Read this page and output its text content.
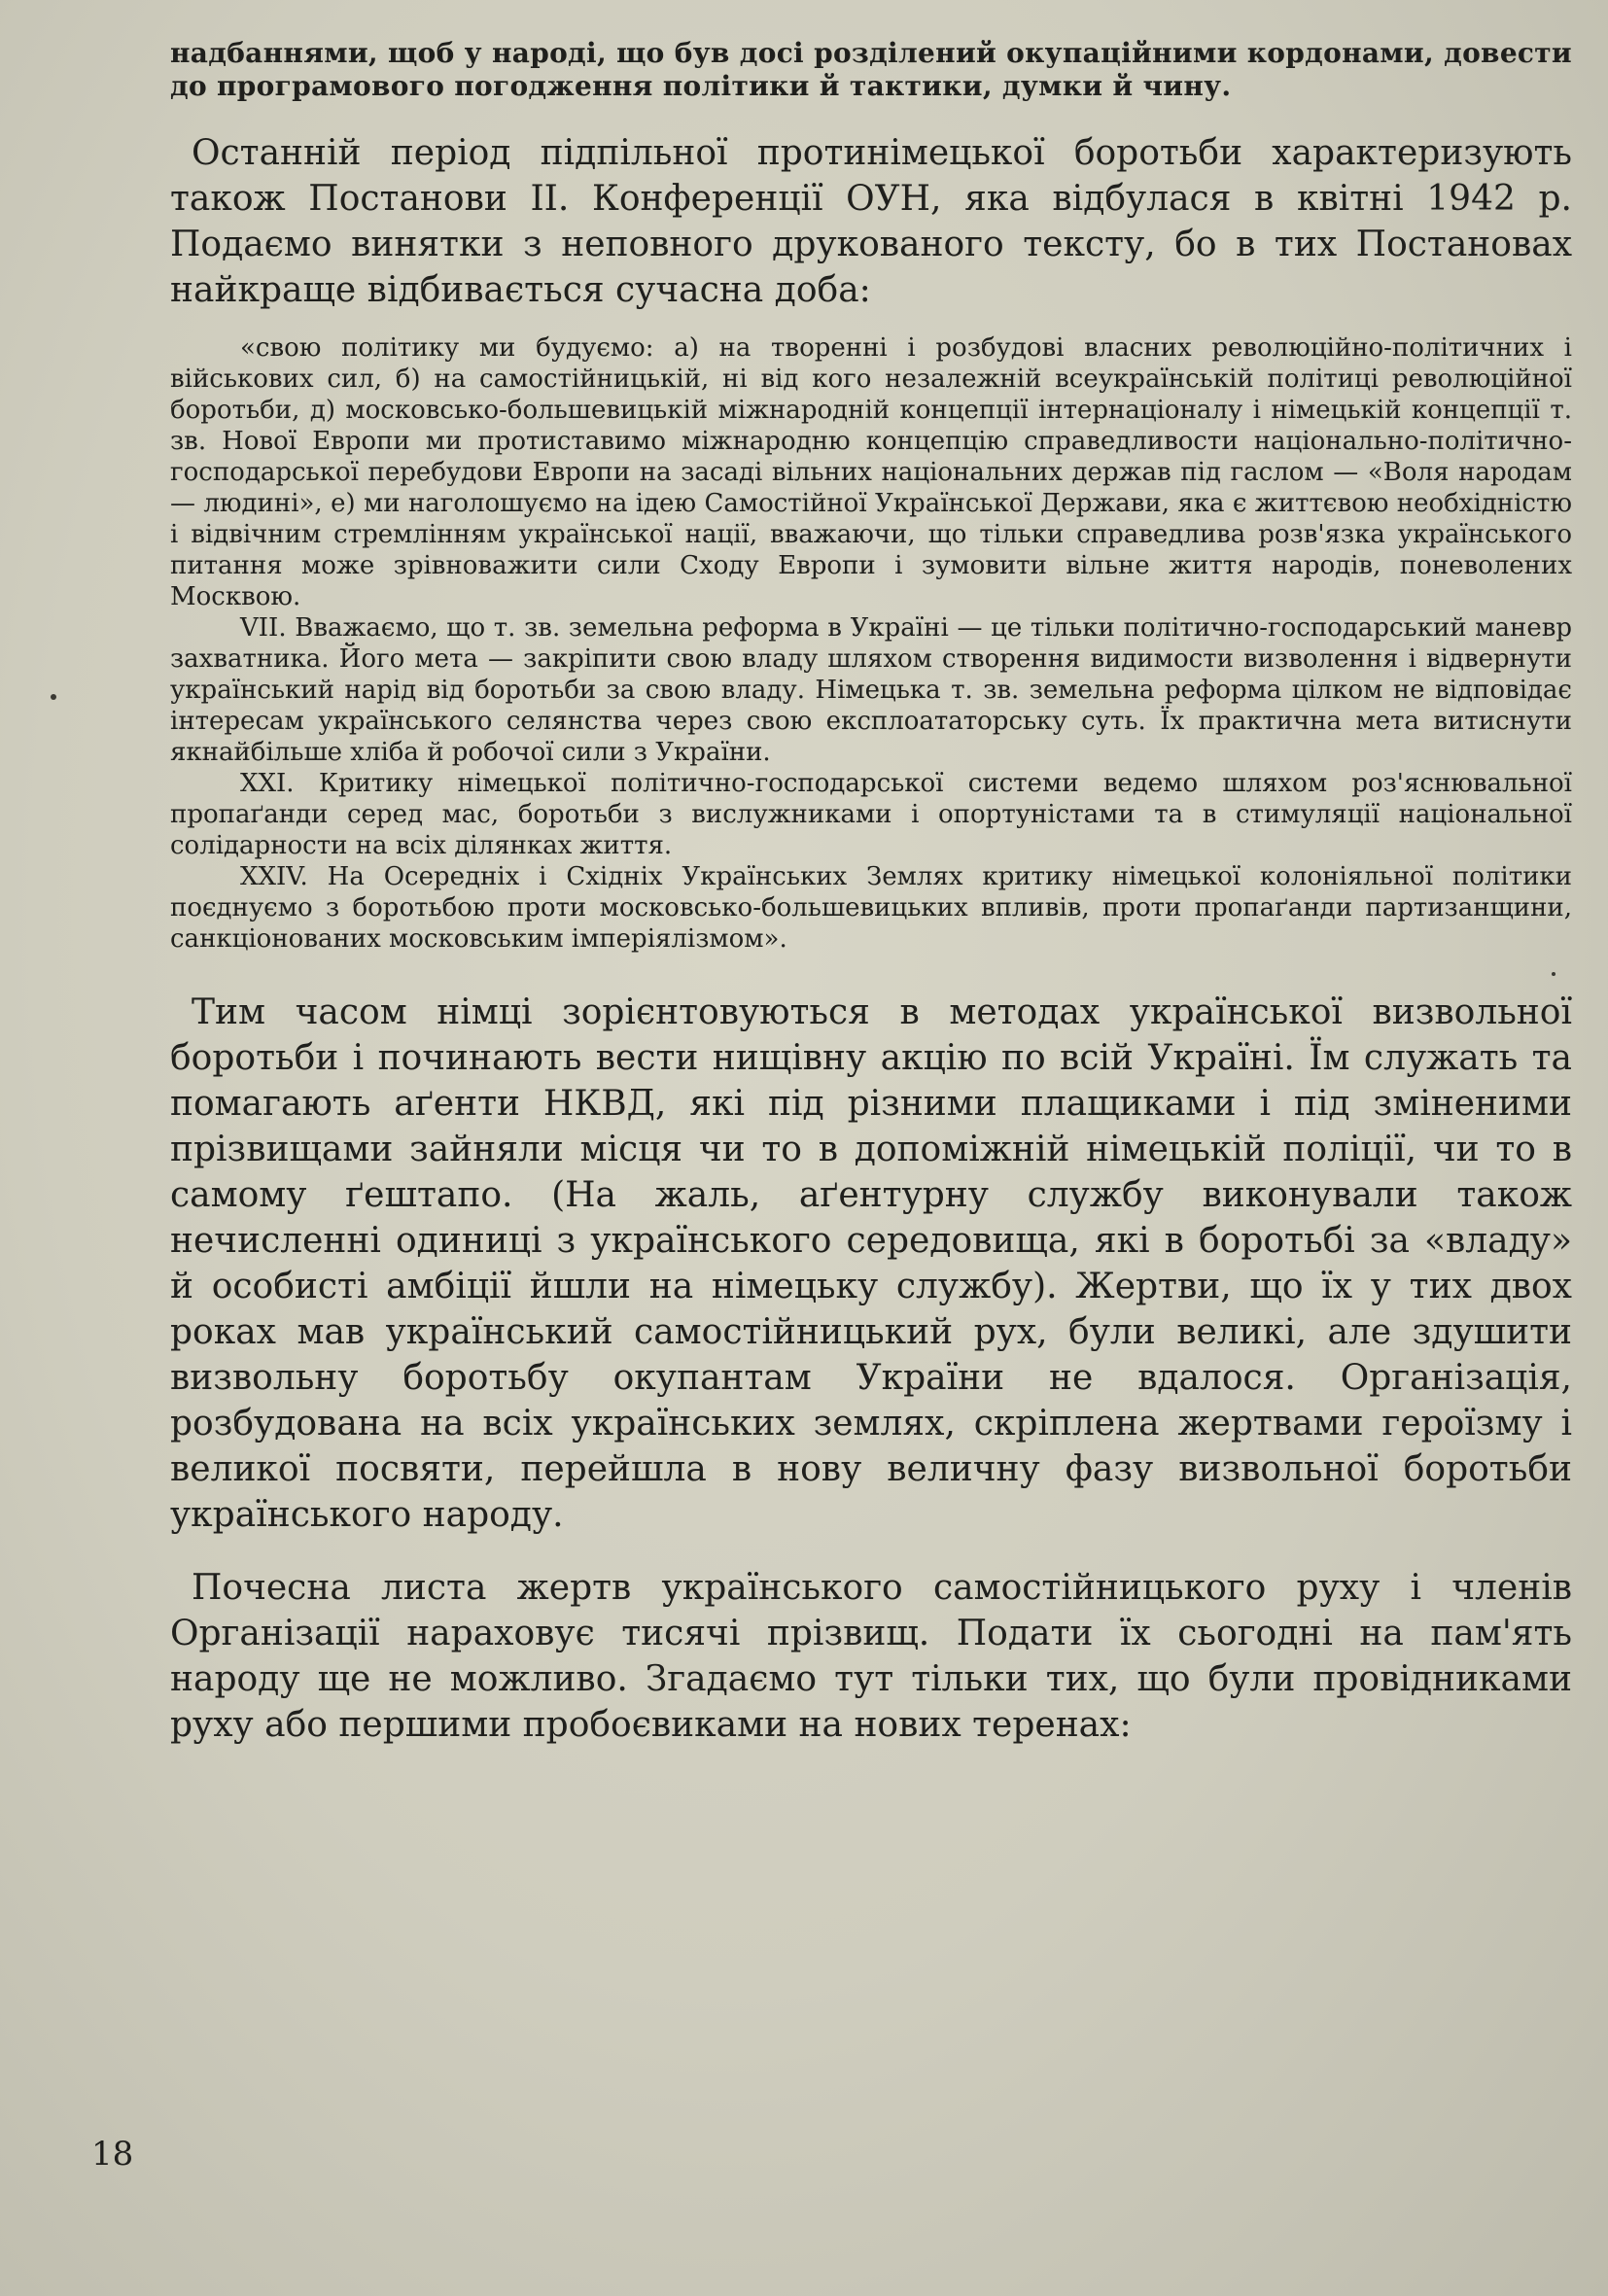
надбаннями, щоб у народі, що був досі розділений окупаційними кордонами, довести до програмового погодження політики й тактики, думки й чину.

Останній період підпільної протинімецької боротьби характеризують також Постанови II. Конференції ОУН, яка відбулася в квітні 1942 р. Подаємо винятки з неповного друкованого тексту, бо в тих Постановах найкраще відбивається сучасна доба:

«свою політику ми будуємо: а) на творенні і розбудові власних революційно-політичних і військових сил, б) на самостійницькій, ні від кого незалежній всеукраїнській політиці революційної боротьби, д) московсько-большевицькій міжнародній концепції інтернаціоналу і німецькій концепції т. зв. Нової Европи ми протиставимо міжнародню концепцію справедливости національно-політично-господарської перебудови Европи на засаді вільних національних держав під гаслом — «Воля народам — людині», е) ми наголошуємо на ідею Самостійної Української Держави, яка є життєвою необхідністю і відвічним стремлінням української нації, вважаючи, що тільки справедлива розв'язка українського питання може зрівноважити сили Сходу Европи і зумовити вільне життя народів, поневолених Москвою.

VII. Вважаємо, що т. зв. земельна реформа в Україні — це тільки політично-господарський маневр захватника. Його мета — закріпити свою владу шляхом створення видимости визволення і відвернути український нарід від боротьби за свою владу. Німецька т. зв. земельна реформа цілком не відповідає інтересам українського селянства через свою експлоататорську суть. Їх практична мета витиснути якнайбільше хліба й робочої сили з України.

XXI. Критику німецької політично-господарської системи ведемо шляхом роз'яснювальної пропаґанди серед мас, боротьби з вислужниками і опортуністами та в стимуляції національної солідарности на всіх ділянках життя.

XXIV. На Осередніх і Східніх Українських Землях критику німецької колоніяльної політики поєднуємо з боротьбою проти московсько-большевицьких впливів, проти пропаґанди партизанщини, санкціонованих московським імперіялізмом».

Тим часом німці зорієнтовуються в методах української визвольної боротьби і починають вести нищівну акцію по всій Україні. Їм служать та помагають аґенти НКВД, які під різними плащиками і під зміненими прізвищами зайняли місця чи то в допоміжній німецькій поліції, чи то в самому ґештапо. (На жаль, аґентурну службу виконували також нечисленні одиниці з українського середовища, які в боротьбі за «владу» й особисті амбіції йшли на німецьку службу). Жертви, що їх у тих двох роках мав український самостійницький рух, були великі, але здушити визвольну боротьбу окупантам України не вдалося. Організація, розбудована на всіх українських землях, скріплена жертвами героїзму і великої посвяти, перейшла в нову величну фазу визвольної боротьби українського народу.

Почесна листа жертв українського самостійницького руху і членів Організації нараховує тисячі прізвищ. Подати їх сьогодні на пам'ять народу ще не можливо. Згадаємо тут тільки тих, що були провідниками руху або першими пробоєвиками на нових теренах:

18
